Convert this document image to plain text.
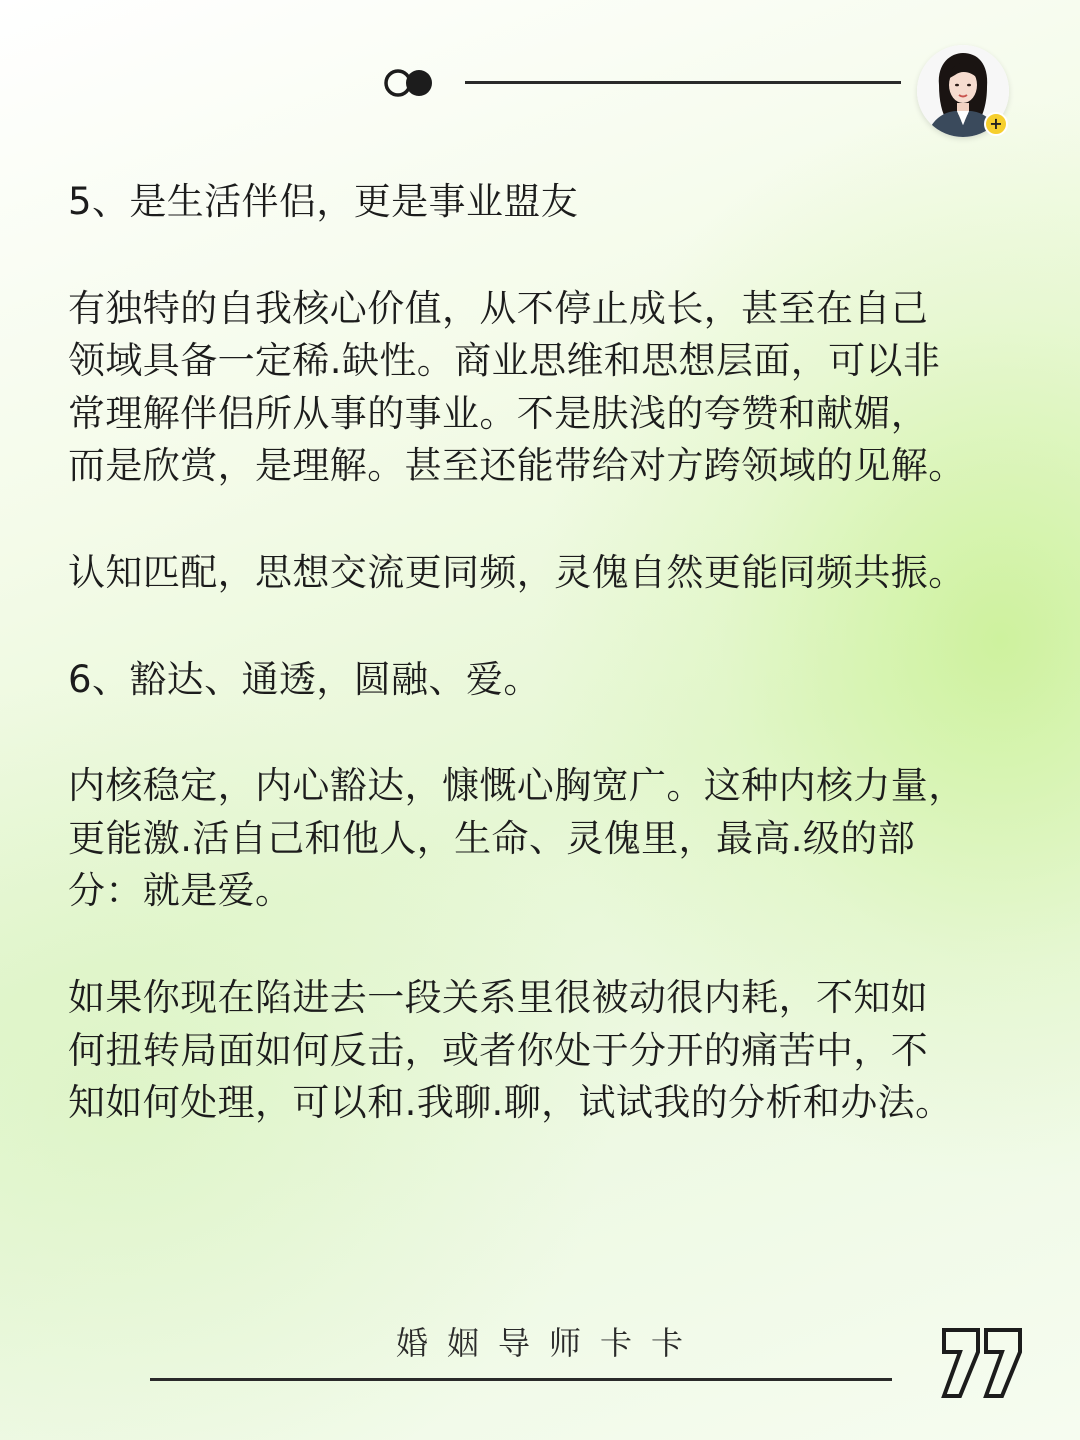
+

5、是生活伴侣，更是事业盟友

有独特的自我核心价值，从不停止成长，甚至在自己
领域具备一定稀.缺性。商业思维和思想层面，可以非
常理解伴侣所从事的事业。不是肤浅的夸赞和献媚，
而是欣赏，是理解。甚至还能带给对方跨领域的见解。

认知匹配，思想交流更同频，灵傀自然更能同频共振。

6、豁达、通透，圆融、爱。

内核稳定，内心豁达，慷慨心胸宽广。这种内核力量，
更能激.活自己和他人，生命、灵傀里，最高.级的部
分：就是爱。

如果你现在陷进去一段关系里很被动很内耗，不知如
何扭转局面如何反击，或者你处于分开的痛苦中，不
知如何处理，可以和.我聊.聊，试试我的分析和办法。

婚姻导师卡卡
